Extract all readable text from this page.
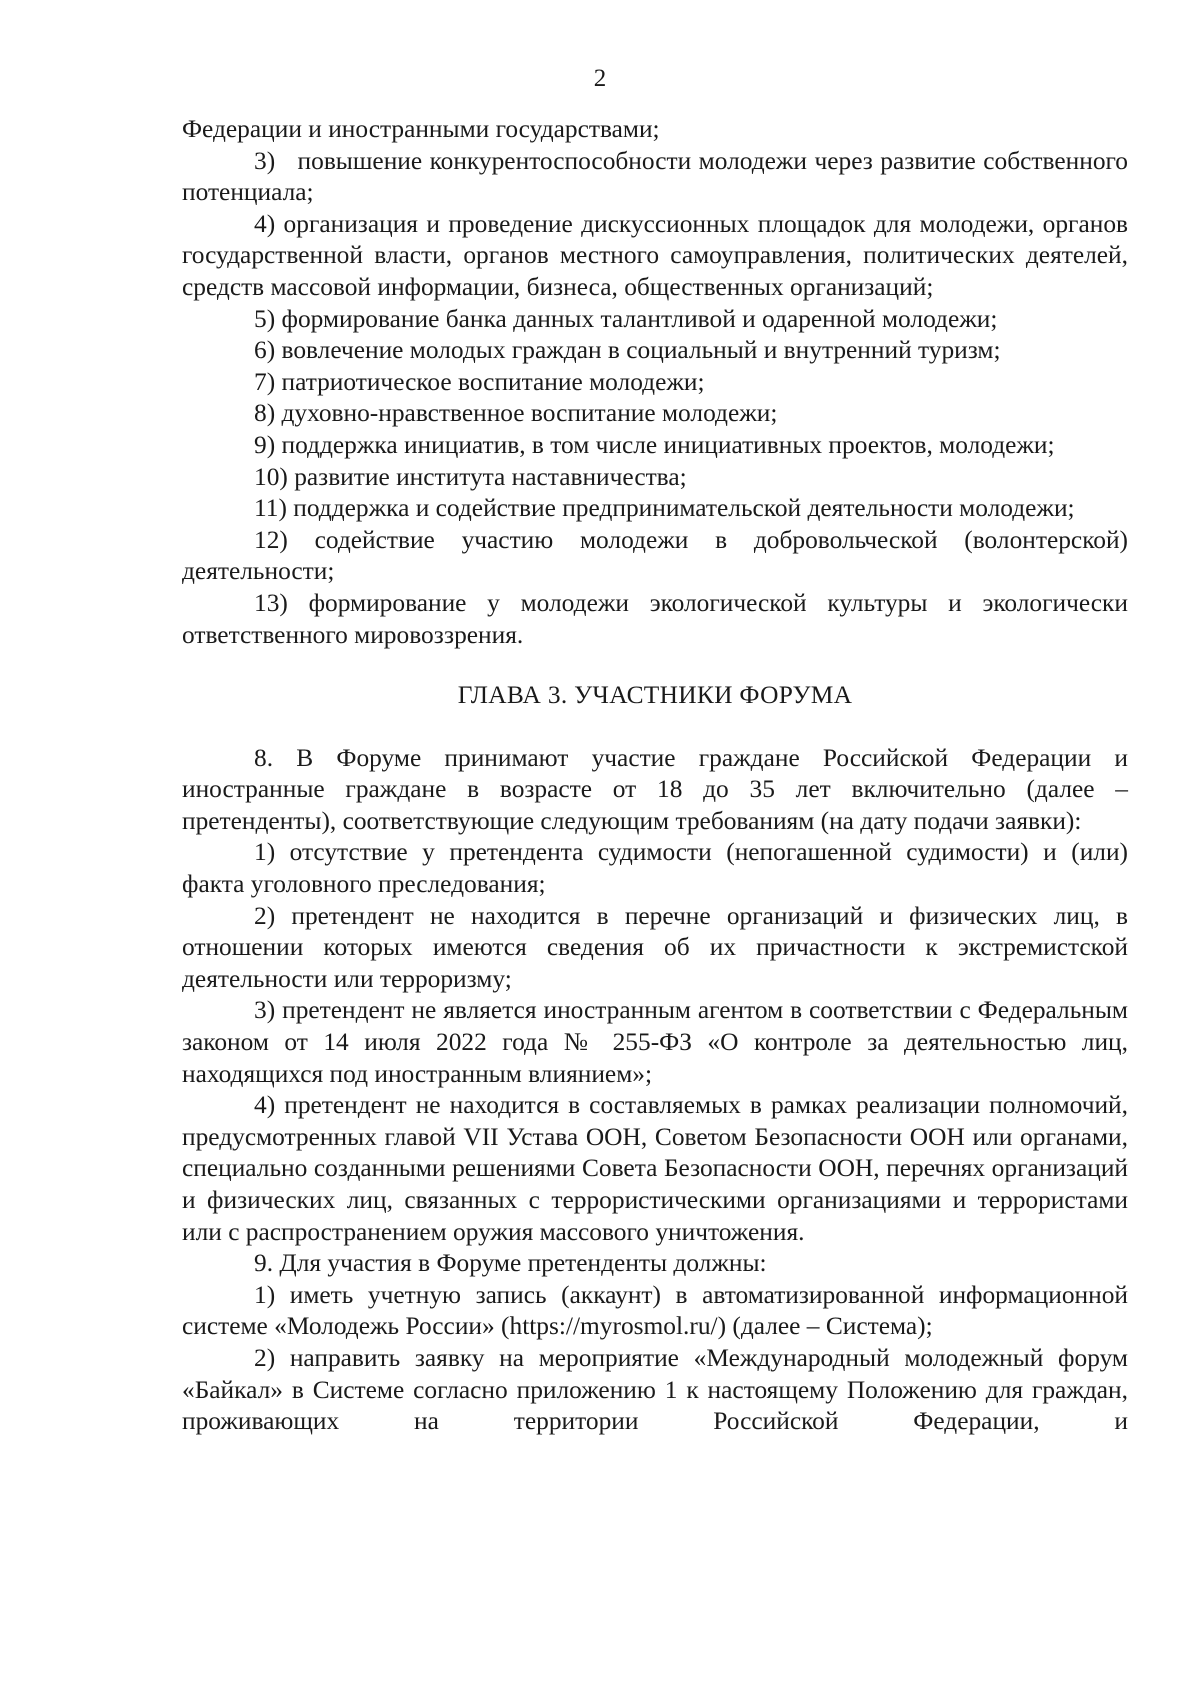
2

Федерации и иностранными государствами;

3)   повышение конкурентоспособности молодежи через развитие собственного потенциала;

4) организация и проведение дискуссионных площадок для молодежи, органов государственной власти, органов местного самоуправления, политических деятелей, средств массовой информации, бизнеса, общественных организаций;

5) формирование банка данных талантливой и одаренной молодежи;

6) вовлечение молодых граждан в социальный и внутренний туризм;

7) патриотическое воспитание молодежи;

8) духовно-нравственное воспитание молодежи;

9) поддержка инициатив, в том числе инициативных проектов, молодежи;

10) развитие института наставничества;

11) поддержка и содействие предпринимательской деятельности молодежи;

12) содействие участию молодежи в добровольческой (волонтерской) деятельности;

13) формирование у молодежи экологической культуры и экологически ответственного мировоззрения.

ГЛАВА 3. УЧАСТНИКИ ФОРУМА

8. В Форуме принимают участие граждане Российской Федерации и иностранные граждане в возрасте от 18 до 35 лет включительно (далее – претенденты), соответствующие следующим требованиям (на дату подачи заявки):

1) отсутствие у претендента судимости (непогашенной судимости) и (или) факта уголовного преследования;

2) претендент не находится в перечне организаций и физических лиц, в отношении которых имеются сведения об их причастности к экстремистской деятельности или терроризму;

3) претендент не является иностранным агентом в соответствии с Федеральным законом от 14 июля 2022 года № 255-ФЗ «О контроле за деятельностью лиц, находящихся под иностранным влиянием»;

4) претендент не находится в составляемых в рамках реализации полномочий, предусмотренных главой VII Устава ООН, Советом Безопасности ООН или органами, специально созданными решениями Совета Безопасности ООН, перечнях организаций и физических лиц, связанных с террористическими организациями и террористами или с распространением оружия массового уничтожения.

9. Для участия в Форуме претенденты должны:

1) иметь учетную запись (аккаунт) в автоматизированной информационной системе «Молодежь России» (https://myrosmol.ru/) (далее – Система);

2) направить заявку на мероприятие «Международный молодежный форум «Байкал» в Системе согласно приложению 1 к настоящему Положению для граждан, проживающих на территории Российской Федерации, и
